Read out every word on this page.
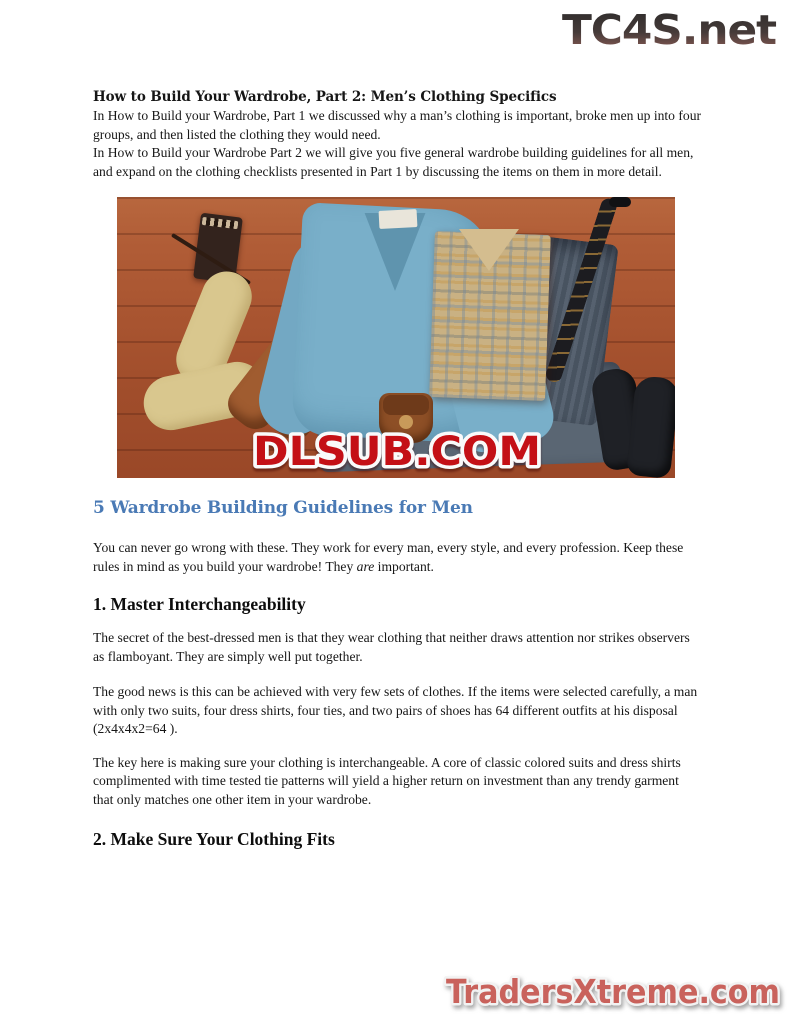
TC4S.net
How to Build Your Wardrobe, Part 2: Men’s Clothing Specifics

In How to Build your Wardrobe, Part 1 we discussed why a man’s clothing is important, broke men up into four groups, and then listed the clothing they would need.

In How to Build your Wardrobe Part 2 we will give you five general wardrobe building guidelines for all men, and expand on the clothing checklists presented in Part 1 by discussing the items on them in more detail.

DLSUB.COM
5 Wardrobe Building Guidelines for Men

You can never go wrong with these. They work for every man, every style, and every profession. Keep these rules in mind as you build your wardrobe! They are important.

1. Master Interchangeability

The secret of the best-dressed men is that they wear clothing that neither draws attention nor strikes observers as flamboyant. They are simply well put together.

The good news is this can be achieved with very few sets of clothes. If the items were selected carefully, a man with only two suits, four dress shirts, four ties, and two pairs of shoes has 64 different outfits at his disposal (2x4x4x2=64 ).

The key here is making sure your clothing is interchangeable. A core of classic colored suits and dress shirts complimented with time tested tie patterns will yield a higher return on investment than any trendy garment that only matches one other item in your wardrobe.

2. Make Sure Your Clothing Fits
TradersXtreme.com
